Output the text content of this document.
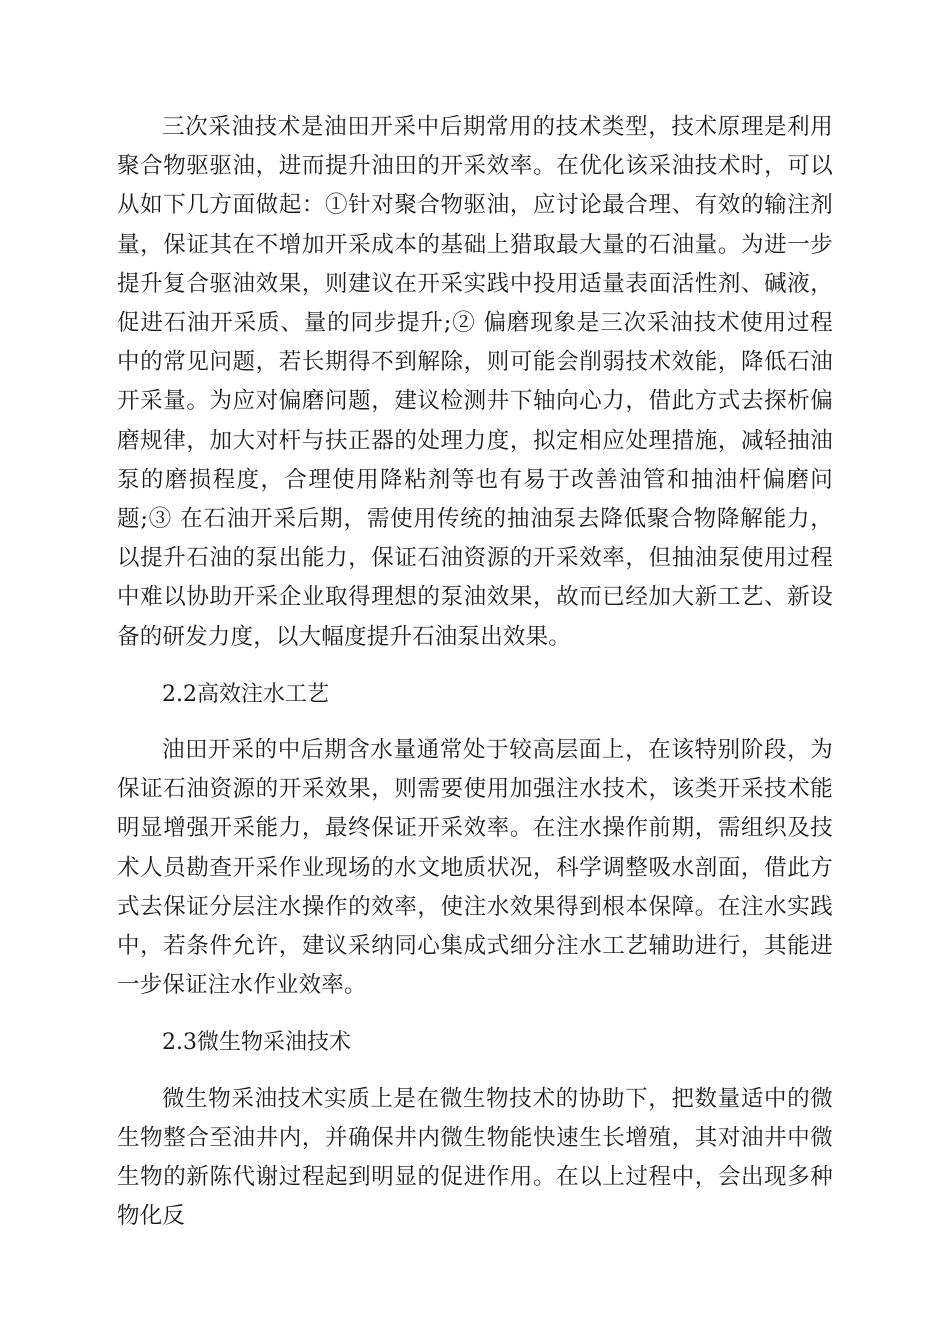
三次采油技术是油田开采中后期常用的技术类型，技术原理是利用聚合物驱驱油，进而提升油田的开采效率。在优化该采油技术时，可以从如下几方面做起：①针对聚合物驱油，应讨论最合理、有效的输注剂量，保证其在不增加开采成本的基础上猎取最大量的石油量。为进一步提升复合驱油效果，则建议在开采实践中投用适量表面活性剂、碱液，促进石油开采质、量的同步提升;② 偏磨现象是三次采油技术使用过程中的常见问题，若长期得不到解除，则可能会削弱技术效能，降低石油开采量。为应对偏磨问题，建议检测井下轴向心力，借此方式去探析偏磨规律，加大对杆与扶正器的处理力度，拟定相应处理措施，减轻抽油泵的磨损程度，合理使用降粘剂等也有易于改善油管和抽油杆偏磨问题;③ 在石油开采后期，需使用传统的抽油泵去降低聚合物降解能力，以提升石油的泵出能力，保证石油资源的开采效率，但抽油泵使用过程中难以协助开采企业取得理想的泵油效果，故而已经加大新工艺、新设备的研发力度，以大幅度提升石油泵出效果。

2.2高效注水工艺

油田开采的中后期含水量通常处于较高层面上，在该特别阶段，为保证石油资源的开采效果，则需要使用加强注水技术，该类开采技术能明显增强开采能力，最终保证开采效率。在注水操作前期，需组织及技术人员勘查开采作业现场的水文地质状况，科学调整吸水剖面，借此方式去保证分层注水操作的效率，使注水效果得到根本保障。在注水实践中，若条件允许，建议采纳同心集成式细分注水工艺辅助进行，其能进一步保证注水作业效率。

2.3微生物采油技术

微生物采油技术实质上是在微生物技术的协助下，把数量适中的微生物整合至油井内，并确保井内微生物能快速生长增殖，其对油井中微生物的新陈代谢过程起到明显的促进作用。在以上过程中，会出现多种物化反
